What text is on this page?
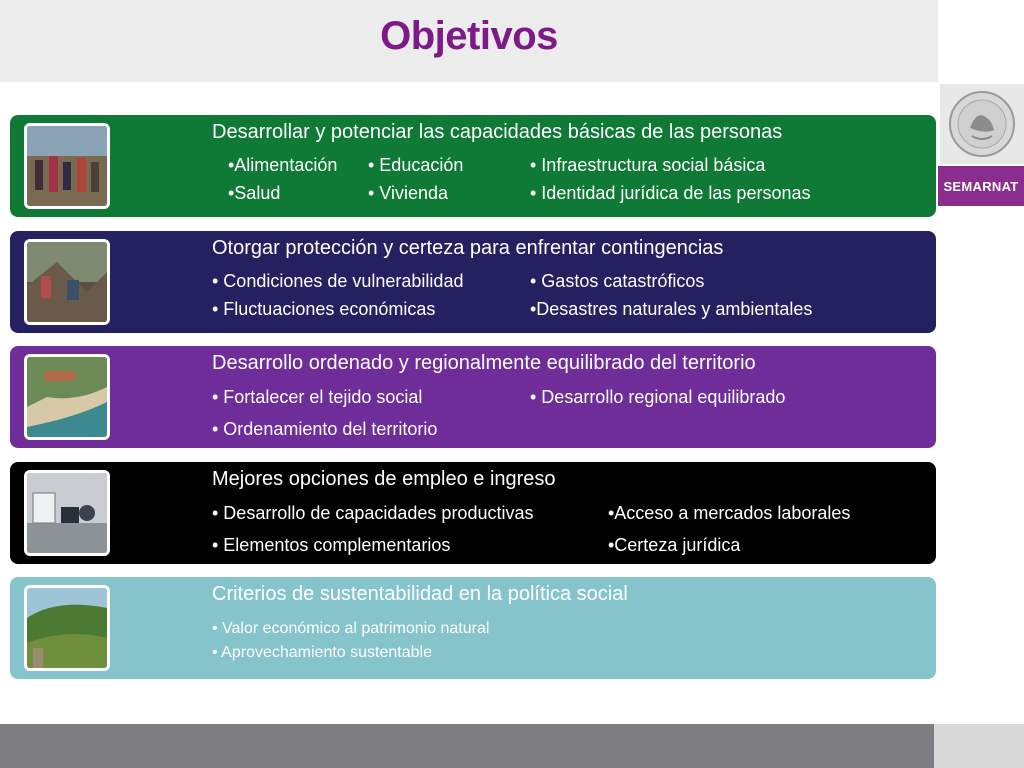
Objetivos
SEMARNAT
Desarrollar y potenciar las capacidades básicas de las personas
•Alimentación • Educación	• Infraestructura social básica
•Salud	• Vivienda	• Identidad jurídica de las personas
Otorgar protección y certeza para enfrentar contingencias
• Condiciones de vulnerabilidad	• Gastos catastróficos
• Fluctuaciones económicas	•Desastres naturales y ambientales
Desarrollo ordenado y regionalmente equilibrado del territorio
• Fortalecer el tejido social	• Desarrollo regional equilibrado
• Ordenamiento del territorio
Mejores opciones de empleo e ingreso
• Desarrollo de capacidades productivas	•Acceso a mercados laborales
• Elementos complementarios	•Certeza jurídica
Criterios de sustentabilidad en la política social
• Valor económico al patrimonio natural
• Aprovechamiento sustentable
